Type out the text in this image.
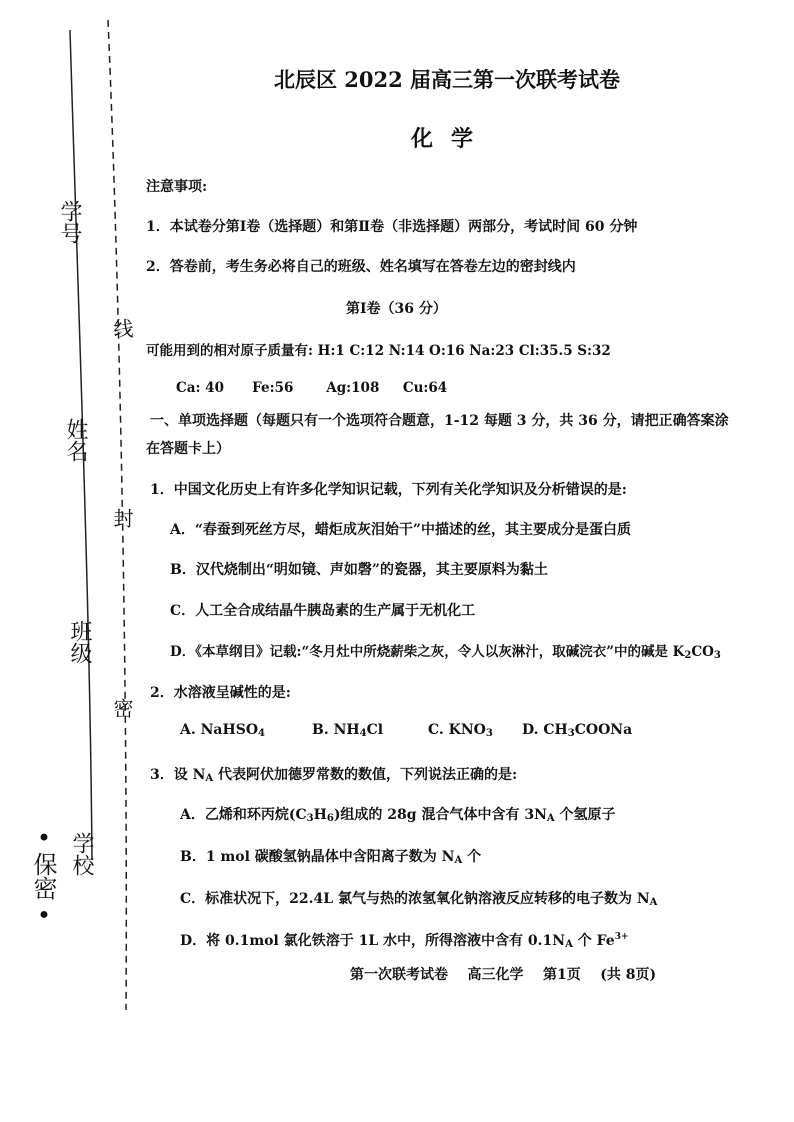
学号
姓名
班级
学校
• 保密 •
线
封
密
北辰区 2022 届高三第一次联考试卷
化学
注意事项:
1．本试卷分第Ⅰ卷（选择题）和第Ⅱ卷（非选择题）两部分，考试时间 60 分钟
2．答卷前，考生务必将自己的班级、姓名填写在答卷左边的密封线内
第Ⅰ卷（36 分）
可能用到的相对原子质量有: H:1 C:12 N:14 O:16 Na:23 Cl:35.5 S:32
Ca: 40      Fe:56       Ag:108     Cu:64
一、单项选择题（每题只有一个选项符合题意，1-12 每题 3 分，共 36 分，请把正确答案涂
在答题卡上）
1．中国文化历史上有许多化学知识记载，下列有关化学知识及分析错误的是:
A．“春蚕到死丝方尽，蜡炬成灰泪始干”中描述的丝，其主要成分是蛋白质
B．汉代烧制出“明如镜、声如磬”的瓷器，其主要原料为黏土
C．人工全合成结晶牛胰岛素的生产属于无机化工
D．《本草纲目》记载:“冬月灶中所烧薪柴之灰，令人以灰淋汁，取碱浣衣”中的碱是 $K_2CO_3$
2．水溶液呈碱性的是:
A. NaHSO$_4$	B. $NH_4Cl$	C. $KNO_3$ D. $CH_3COONa$
3．设 $N_A$ 代表阿伏加德罗常数的数值，下列说法正确的是:
A．乙烯和环丙烷$(C_3H_6)$组成的 28g 混合气体中含有 $3N_A$ 个氢原子
B．1 mol 碳酸氢钠晶体中含阳离子数为 $N_A$ 个
C．标准状况下，22.4L 氯气与热的浓氢氧化钠溶液反应转移的电子数为 $N_A$
D．将 0.1mol 氯化铁溶于 1L 水中，所得溶液中含有 $0.1N_A$ 个 $Fe^{3+}$
第一次联考试卷    高三化学    第1页    (共 8页)
